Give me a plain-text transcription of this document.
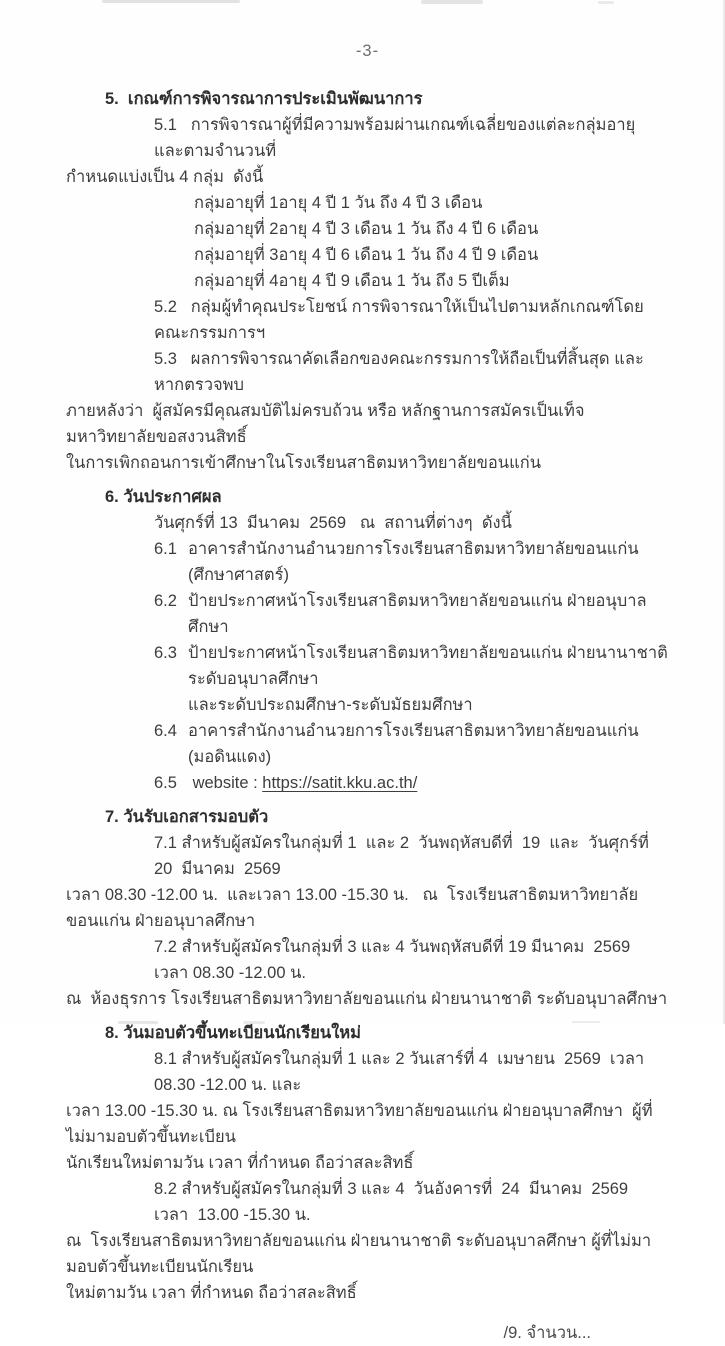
-3-
5.  เกณฑ์การพิจารณาการประเมินพัฒนาการ
5.1   การพิจารณาผู้ที่มีความพร้อมผ่านเกณฑ์เฉลี่ยของแต่ละกลุ่มอายุ    และตามจำนวนที่
กำหนดแบ่งเป็น 4 กลุ่ม  ดังนี้
กลุ่มอายุที่ 1 อายุ 4 ปี 1 วัน ถึง 4 ปี 3 เดือน
กลุ่มอายุที่ 2 อายุ 4 ปี 3 เดือน 1 วัน ถึง 4 ปี 6 เดือน
กลุ่มอายุที่ 3 อายุ 4 ปี 6 เดือน 1 วัน ถึง 4 ปี 9 เดือน
กลุ่มอายุที่ 4 อายุ 4 ปี 9 เดือน 1 วัน ถึง 5 ปีเต็ม
5.2   กลุ่มผู้ทำคุณประโยชน์ การพิจารณาให้เป็นไปตามหลักเกณฑ์โดยคณะกรรมการฯ
5.3   ผลการพิจารณาคัดเลือกของคณะกรรมการให้ถือเป็นที่สิ้นสุด และหากตรวจพบ
ภายหลังว่า  ผู้สมัครมีคุณสมบัติไม่ครบถ้วน หรือ หลักฐานการสมัครเป็นเท็จ มหาวิทยาลัยขอสงวนสิทธิ์
ในการเพิกถอนการเข้าศึกษาในโรงเรียนสาธิตมหาวิทยาลัยขอนแก่น
6. วันประกาศผล
วันศุกร์ที่ 13  มีนาคม  2569   ณ  สถานที่ต่างๆ  ดังนี้
6.1 อาคารสำนักงานอำนวยการโรงเรียนสาธิตมหาวิทยาลัยขอนแก่น (ศึกษาศาสตร์)
6.2 ป้ายประกาศหน้าโรงเรียนสาธิตมหาวิทยาลัยขอนแก่น ฝ่ายอนุบาลศึกษา
6.3 ป้ายประกาศหน้าโรงเรียนสาธิตมหาวิทยาลัยขอนแก่น ฝ่ายนานาชาติ ระดับอนุบาลศึกษา
และระดับประถมศึกษา-ระดับมัธยมศึกษา
6.4 อาคารสำนักงานอำนวยการโรงเรียนสาธิตมหาวิทยาลัยขอนแก่น (มอดินแดง)
6.5 website : https://satit.kku.ac.th/
7. วันรับเอกสารมอบตัว
7.1 สำหรับผู้สมัครในกลุ่มที่ 1  และ 2  วันพฤหัสบดีที่  19  และ  วันศุกร์ที่  20  มีนาคม  2569
เวลา 08.30 -12.00 น.  และเวลา 13.00 -15.30 น.   ณ  โรงเรียนสาธิตมหาวิทยาลัยขอนแก่น ฝ่ายอนุบาลศึกษา
7.2 สำหรับผู้สมัครในกลุ่มที่ 3 และ 4 วันพฤหัสบดีที่ 19 มีนาคม  2569 เวลา 08.30 -12.00 น.
ณ  ห้องธุรการ โรงเรียนสาธิตมหาวิทยาลัยขอนแก่น ฝ่ายนานาชาติ ระดับอนุบาลศึกษา
8. วันมอบตัวขึ้นทะเบียนนักเรียนใหม่
8.1 สำหรับผู้สมัครในกลุ่มที่ 1 และ 2 วันเสาร์ที่ 4  เมษายน  2569  เวลา 08.30 -12.00 น. และ
เวลา 13.00 -15.30 น. ณ โรงเรียนสาธิตมหาวิทยาลัยขอนแก่น ฝ่ายอนุบาลศึกษา  ผู้ที่ไม่มามอบตัวขึ้นทะเบียน
นักเรียนใหม่ตามวัน เวลา ที่กำหนด ถือว่าสละสิทธิ์
8.2 สำหรับผู้สมัครในกลุ่มที่ 3 และ 4  วันอังคารที่  24  มีนาคม  2569  เวลา  13.00 -15.30 น.
ณ  โรงเรียนสาธิตมหาวิทยาลัยขอนแก่น ฝ่ายนานาชาติ ระดับอนุบาลศึกษา ผู้ที่ไม่มามอบตัวขึ้นทะเบียนนักเรียน
ใหม่ตามวัน เวลา ที่กำหนด ถือว่าสละสิทธิ์
/9. จำนวน...
